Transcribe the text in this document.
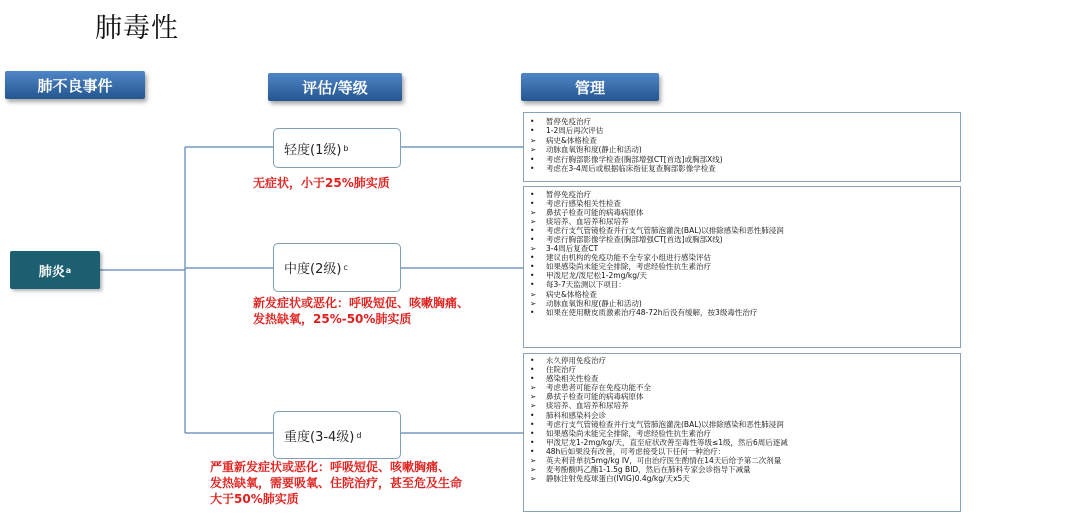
肺毒性
肺不良事件	评估/等级	管理
肺炎 a
轻度(1级) b
中度(2级) c
重度(3-4级) d
无症状，小于25%肺实质
新发症状或恶化：呼吸短促、咳嗽胸痛、
发热缺氧，25%-50%肺实质
严重新发症状或恶化：呼吸短促、咳嗽胸痛、
发热缺氧，需要吸氧、住院治疗，甚至危及生命
大于50%肺实质
• 暂停免疫治疗
• 1-2周后再次评估
➢ 病史&体格检查
➢ 动脉血氧饱和度(静止和活动)
• 考虑行胸部影像学检查(胸部增强CT[首选]或胸部X线)
• 考虑在3-4周后或根据临床指征复查胸部影像学检查
• 暂停免疫治疗
• 考虑行感染相关性检查
➢ 鼻拭子检查可能的病毒病原体
➢ 痰培养、血培养和尿培养
• 考虑行支气管镜检查并行支气管肺泡灌洗(BAL)以排除感染和恶性肺浸润
• 考虑行胸部影像学检查(胸部增强CT[首选]或胸部X线)
➢ 3-4周后复查CT
• 建议由机构的免疫功能不全专家小组进行感染评估
• 如果感染尚未能完全排除，考虑经验性抗生素治疗
• 甲泼尼龙/泼尼松1-2mg/kg/天
• 每3-7天监测以下项目：
➢ 病史&体格检查
➢ 动脉血氧饱和度(静止和活动)
• 如果在使用糖皮质激素治疗48-72h后没有缓解，按3级毒性治疗
• 永久停用免疫治疗
• 住院治疗
• 感染相关性检查
➢ 考虑患者可能存在免疫功能不全
➢ 鼻拭子检查可能的病毒病原体
➢ 痰培养、血培养和尿培养
• 肺科和感染科会诊
• 考虑行支气管镜检查并行支气管肺泡灌洗(BAL)以排除感染和恶性肺浸润
• 如果感染尚未能完全排除，考虑经验性抗生素治疗
• 甲泼尼龙1-2mg/kg/天，直至症状改善至毒性等级≤1级，然后6周后逐减
• 48h后如果没有改善，可考虑接受以下任何一种治疗：
➢ 英夫利昔单抗5mg/kg IV，可由治疗医生酌情在14天后给予第二次剂量
➢ 麦考酚酸吗乙酯1-1.5g BID，然后在肺科专家会诊指导下减量
➢ 静脉注射免疫球蛋白(IVIG)0.4g/kg/天x5天
